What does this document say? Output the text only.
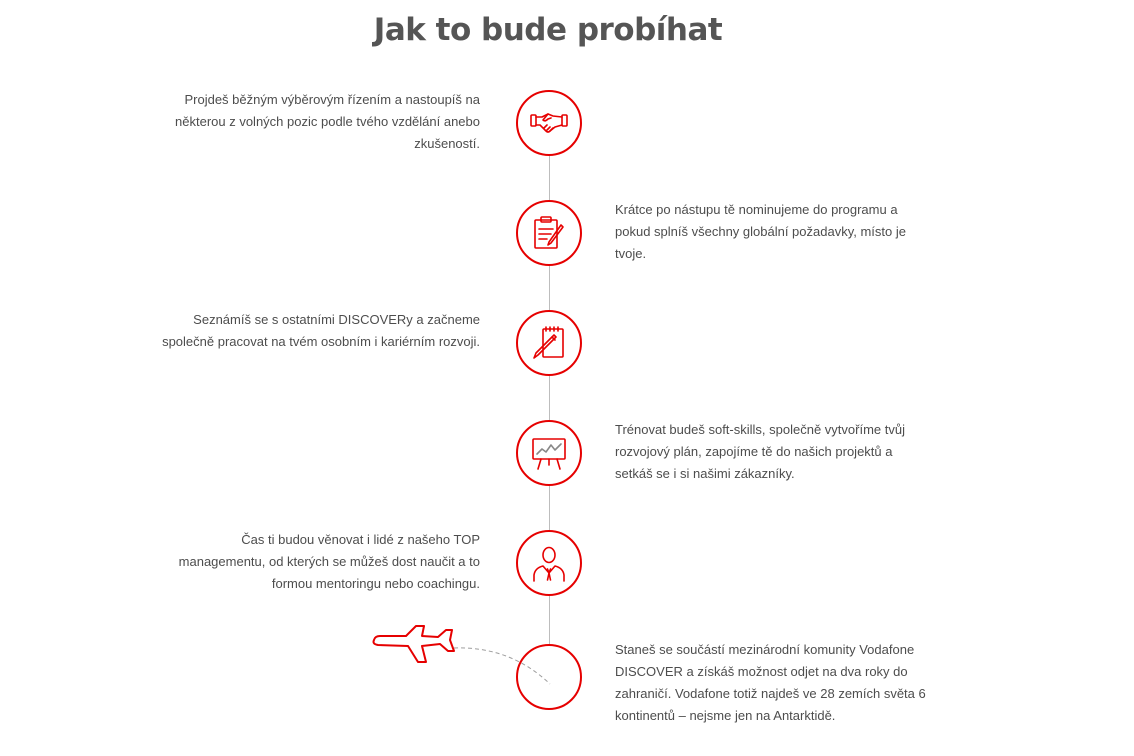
Jak to bude probíhat

Projdeš běžným výběrovým řízením a nastoupíš na některou z volných pozic podle tvého vzdělání anebo zkušeností.

Krátce po nástupu tě nominujeme do programu a pokud splníš všechny globální požadavky, místo je tvoje.

Seznámíš se s ostatními DISCOVERy a začneme společně pracovat na tvém osobním i kariérním rozvoji.

Trénovat budeš soft-skills, společně vytvoříme tvůj rozvojový plán, zapojíme tě do našich projektů a setkáš se i si našimi zákazníky.

Čas ti budou věnovat i lidé z našeho TOP managementu, od kterých se můžeš dost naučit a to formou mentoringu nebo coachingu.

Staneš se součástí mezinárodní komunity Vodafone DISCOVER a získáš možnost odjet na dva roky do zahraničí. Vodafone totiž najdeš ve 28 zemích světa 6 kontinentů – nejsme jen na Antarktidě.
